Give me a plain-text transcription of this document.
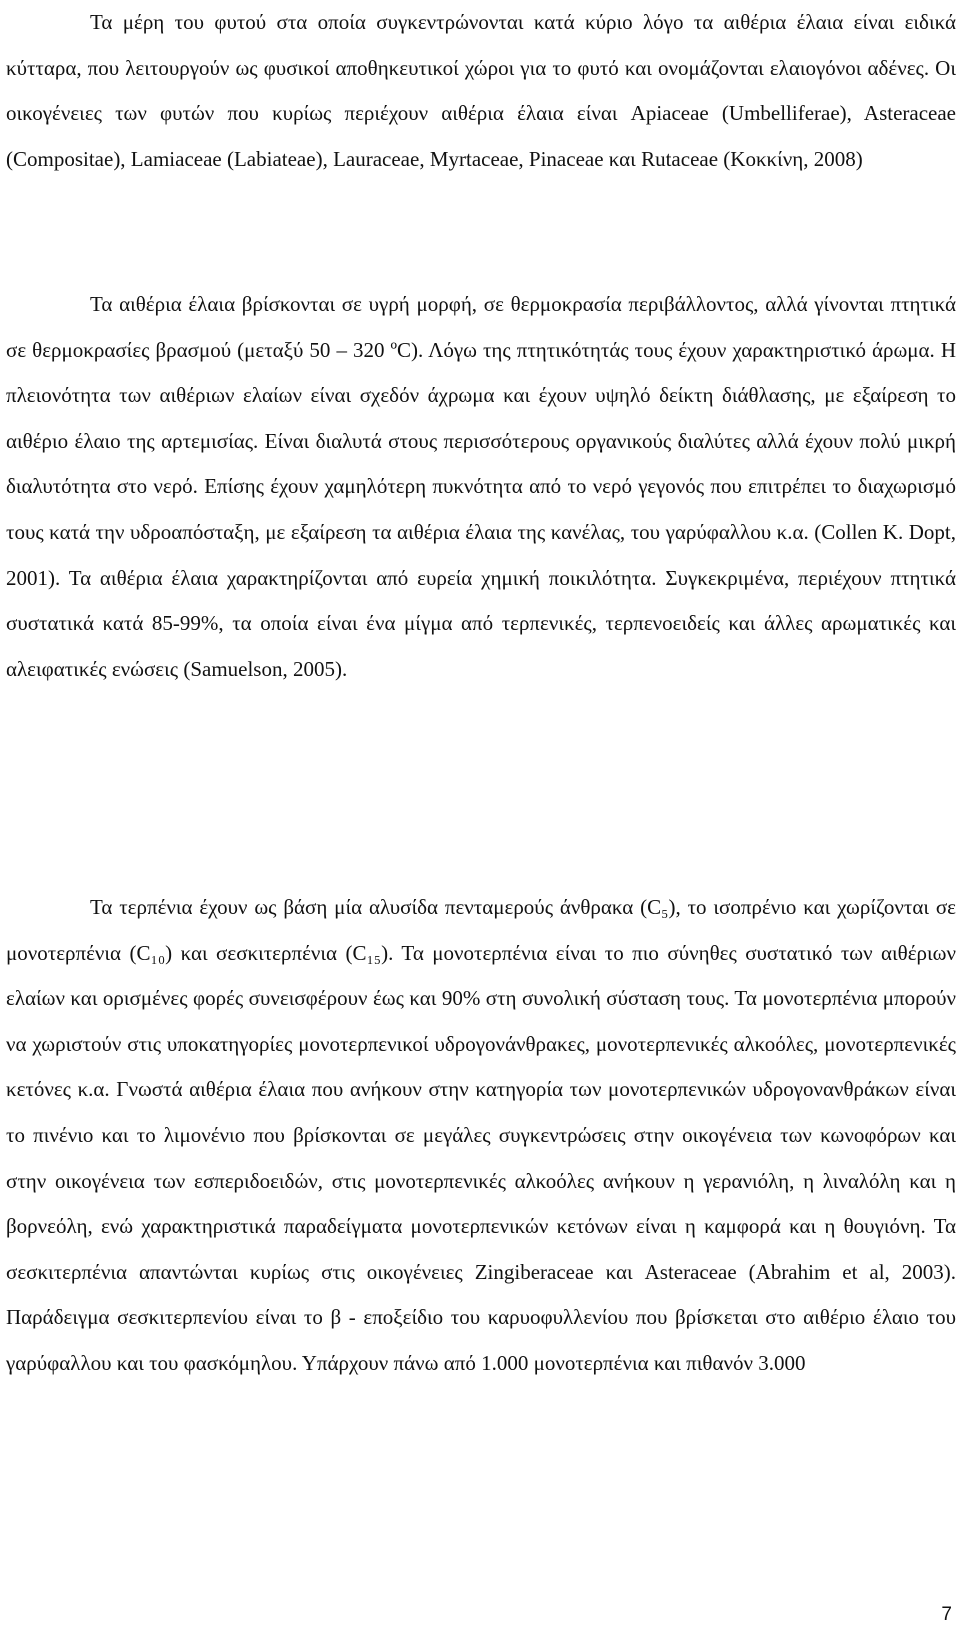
Τα μέρη του φυτού στα οποία συγκεντρώνονται κατά κύριο λόγο τα αιθέρια έλαια είναι ειδικά κύτταρα, που λειτουργούν ως φυσικοί αποθηκευτικοί χώροι για το φυτό και ονομάζονται ελαιογόνοι αδένες. Οι οικογένειες των φυτών που κυρίως περιέχουν αιθέρια έλαια είναι Apiaceae (Umbelliferae), Asteraceae (Compositae), Lamiaceae (Labiateae), Lauraceae, Myrtaceae, Pinaceae και Rutaceae (Κοκκίνη, 2008)

Τα αιθέρια έλαια βρίσκονται σε υγρή μορφή, σε θερμοκρασία περιβάλλοντος, αλλά γίνονται πτητικά σε θερμοκρασίες βρασμού (μεταξύ 50 – 320 ºC). Λόγω της πτητικότητάς τους έχουν χαρακτηριστικό άρωμα. Η πλειονότητα των αιθέριων ελαίων είναι σχεδόν άχρωμα και έχουν υψηλό δείκτη διάθλασης, με εξαίρεση το αιθέριο έλαιο της αρτεμισίας. Είναι διαλυτά στους περισσότερους οργανικούς διαλύτες αλλά έχουν πολύ μικρή διαλυτότητα στο νερό. Επίσης έχουν χαμηλότερη πυκνότητα από το νερό γεγονός που επιτρέπει το διαχωρισμό τους κατά την υδροαπόσταξη, με εξαίρεση τα αιθέρια έλαια της κανέλας, του γαρύφαλλου κ.α. (Collen K. Dopt, 2001). Τα αιθέρια έλαια χαρακτηρίζονται από ευρεία χημική ποικιλότητα. Συγκεκριμένα, περιέχουν πτητικά συστατικά κατά 85-99%, τα οποία είναι ένα μίγμα από τερπενικές, τερπενοειδείς και άλλες αρωματικές και αλειφατικές ενώσεις (Samuelson, 2005).

Τα τερπένια έχουν ως βάση μία αλυσίδα πενταμερούς άνθρακα (C₅), το ισοπρένιο και χωρίζονται σε μονοτερπένια (C₁₀) και σεσκιτερπένια (C₁₅). Τα μονοτερπένια είναι το πιο σύνηθες συστατικό των αιθέριων ελαίων και ορισμένες φορές συνεισφέρουν έως και 90% στη συνολική σύσταση τους. Τα μονοτερπένια μπορούν να χωριστούν στις υποκατηγορίες μονοτερπενικοί υδρογονάνθρακες, μονοτερπενικές αλκοόλες, μονοτερπενικές κετόνες κ.α. Γνωστά αιθέρια έλαια που ανήκουν στην κατηγορία των μονοτερπενικών υδρογονανθράκων είναι το πινένιο και το λιμονένιο που βρίσκονται σε μεγάλες συγκεντρώσεις στην οικογένεια των κωνοφόρων και στην οικογένεια των εσπεριδοειδών, στις μονοτερπενικές αλκοόλες ανήκουν η γερανιόλη, η λιναλόλη και η βορνεόλη, ενώ χαρακτηριστικά παραδείγματα μονοτερπενικών κετόνων είναι η καμφορά και η θουγιόνη. Τα σεσκιτερπένια απαντώνται κυρίως στις οικογένειες Zingiberaceae και Asteraceae (Abrahim et al, 2003). Παράδειγμα σεσκιτερπενίου είναι το β - εποξείδιο του καρυοφυλλενίου που βρίσκεται στο αιθέριο έλαιο του γαρύφαλλου και του φασκόμηλου. Υπάρχουν πάνω από 1.000 μονοτερπένια και πιθανόν 3.000

7
